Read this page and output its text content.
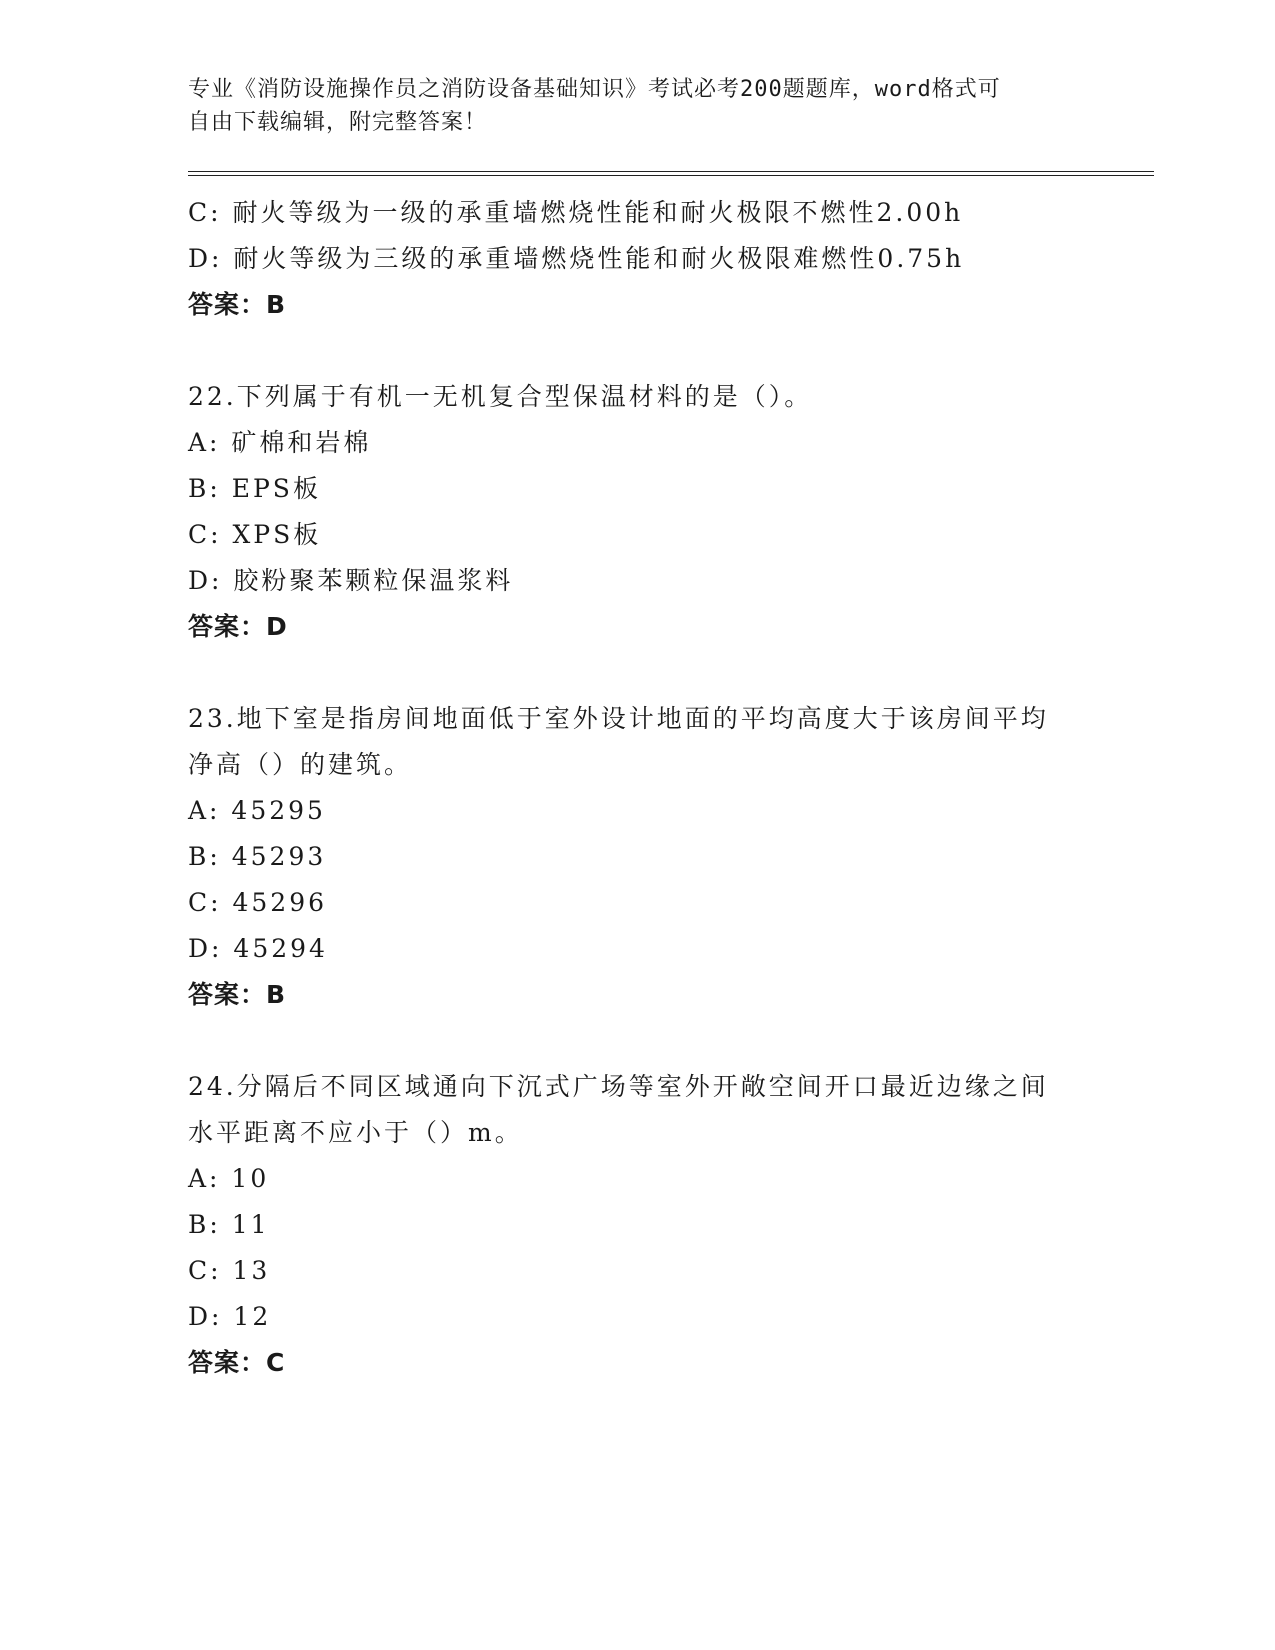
专业《消防设施操作员之消防设备基础知识》考试必考200题题库，word格式可
自由下载编辑，附完整答案！
C: 耐火等级为一级的承重墙燃烧性能和耐火极限不燃性2.00h
D: 耐火等级为三级的承重墙燃烧性能和耐火极限难燃性0.75h
答案：B
22.下列属于有机一无机复合型保温材料的是（）。
A: 矿棉和岩棉
B: EPS板
C: XPS板
D: 胶粉聚苯颗粒保温浆料
答案：D
23.地下室是指房间地面低于室外设计地面的平均高度大于该房间平均
净高（）的建筑。
A: 45295
B: 45293
C: 45296
D: 45294
答案：B
24.分隔后不同区域通向下沉式广场等室外开敞空间开口最近边缘之间
水平距离不应小于（）m。
A: 10
B: 11
C: 13
D: 12
答案：C
